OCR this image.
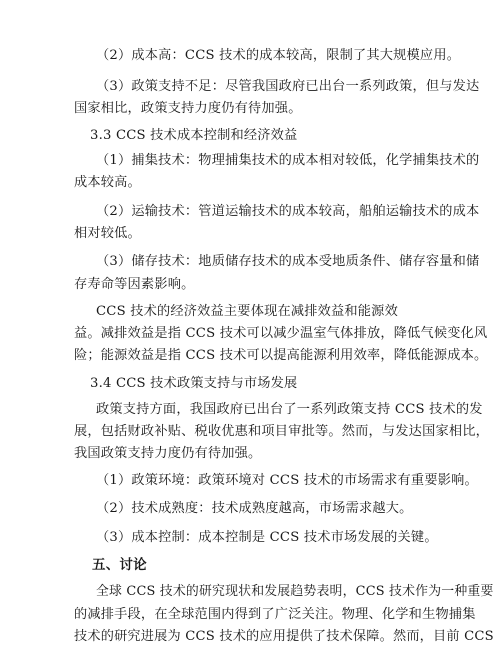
（2）成本高：CCS 技术的成本较高，限制了其大规模应用。
（3）政策支持不足：尽管我国政府已出台一系列政策，但与发达
国家相比，政策支持力度仍有待加强。
3.3 CCS 技术成本控制和经济效益
（1）捕集技术：物理捕集技术的成本相对较低，化学捕集技术的
成本较高。
（2）运输技术：管道运输技术的成本较高，船舶运输技术的成本
相对较低。
（3）储存技术：地质储存技术的成本受地质条件、储存容量和储
存寿命等因素影响。
CCS 技术的经济效益主要体现在减排效益和能源效
益。减排效益是指 CCS 技术可以减少温室气体排放，降低气候变化风
险；能源效益是指 CCS 技术可以提高能源利用效率，降低能源成本。
3.4 CCS 技术政策支持与市场发展
政策支持方面，我国政府已出台了一系列政策支持 CCS 技术的发
展，包括财政补贴、税收优惠和项目审批等。然而，与发达国家相比，
我国政策支持力度仍有待加强。
（1）政策环境：政策环境对 CCS 技术的市场需求有重要影响。
（2）技术成熟度：技术成熟度越高，市场需求越大。
（3）成本控制：成本控制是 CCS 技术市场发展的关键。
五、讨论
全球 CCS 技术的研究现状和发展趋势表明，CCS 技术作为一种重要
的减排手段，在全球范围内得到了广泛关注。物理、化学和生物捕集
技术的研究进展为 CCS 技术的应用提供了技术保障。然而，目前 CCS
